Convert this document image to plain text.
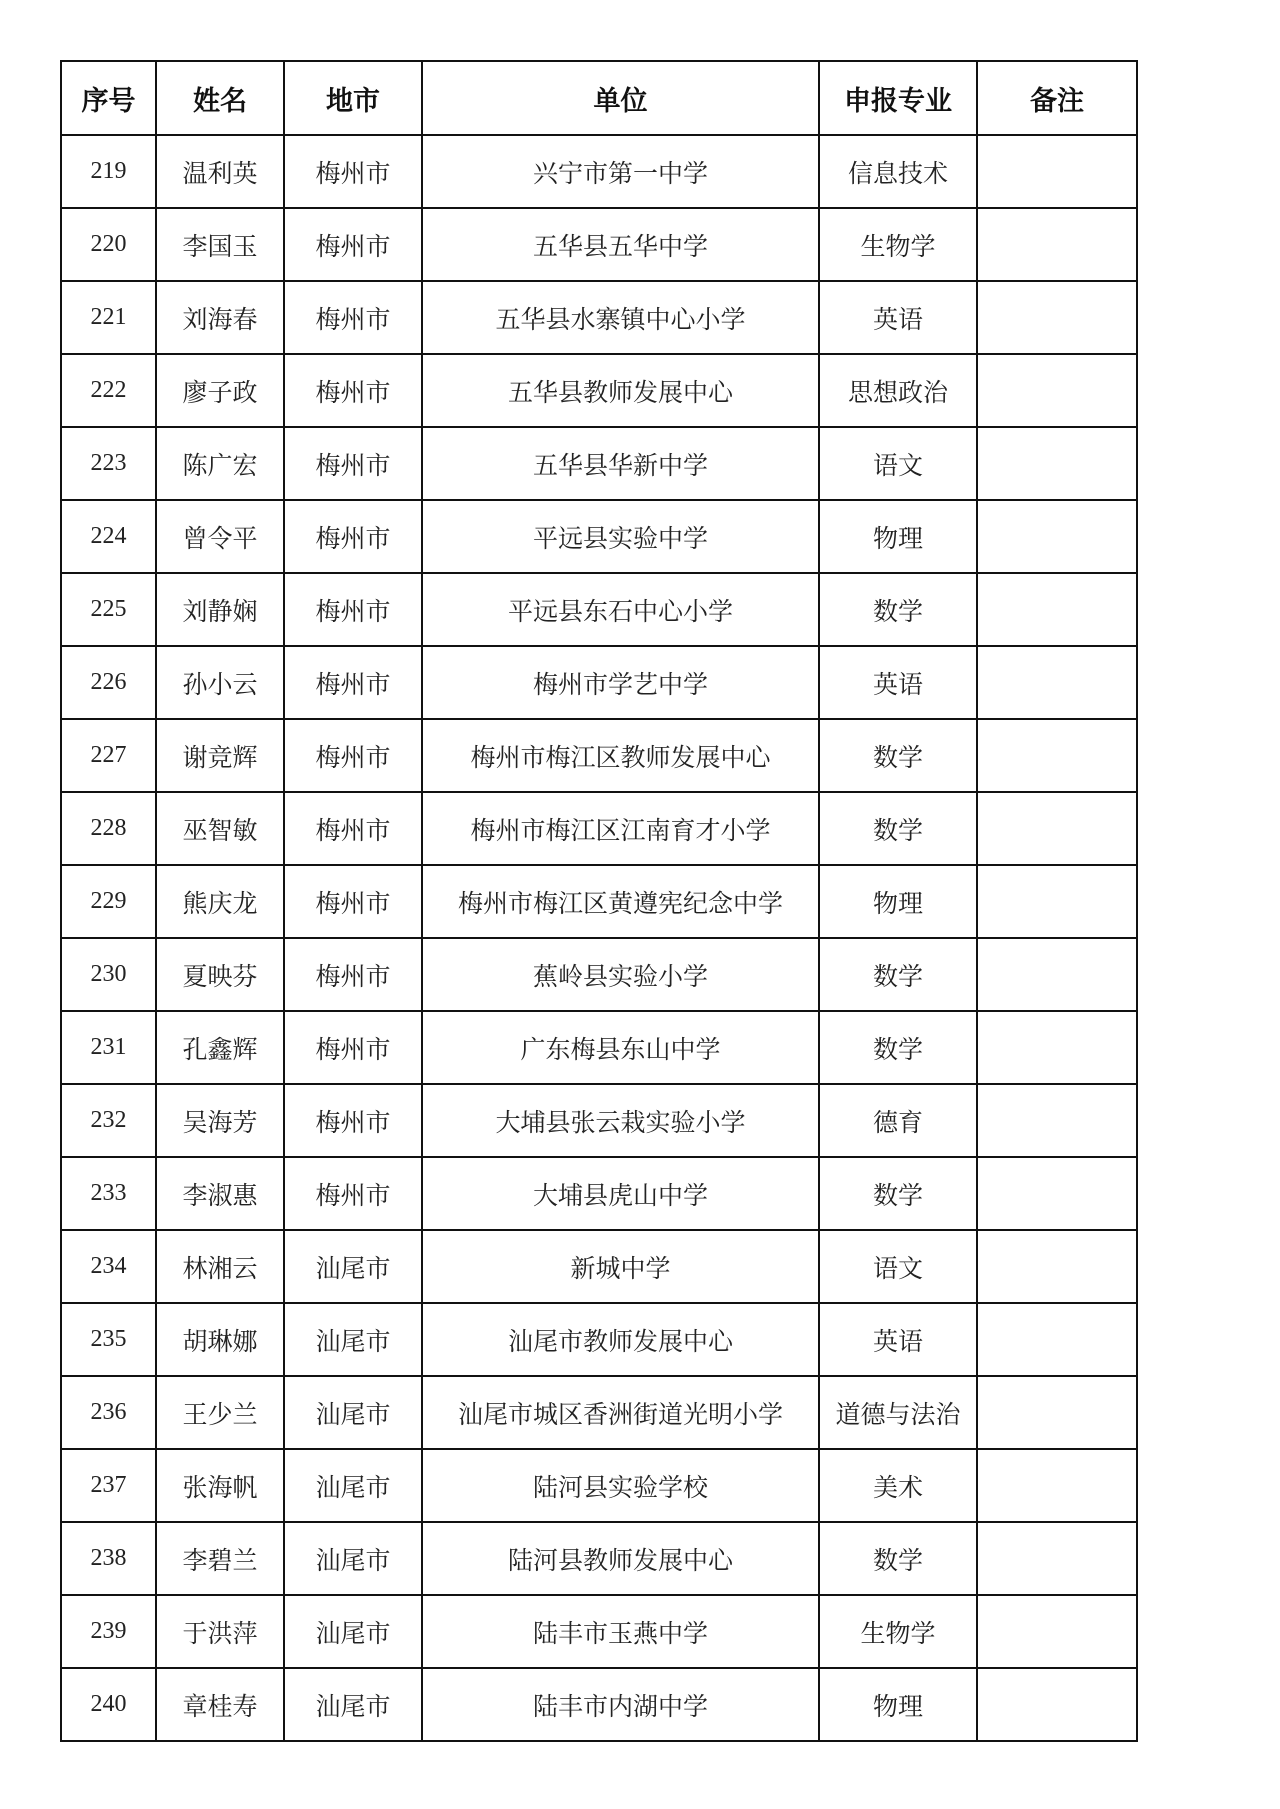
序号	姓名	地市	单位	申报专业	备注
219	温利英	梅州市	兴宁市第一中学	信息技术	
220	李国玉	梅州市	五华县五华中学	生物学	
221	刘海春	梅州市	五华县水寨镇中心小学	英语	
222	廖子政	梅州市	五华县教师发展中心	思想政治	
223	陈广宏	梅州市	五华县华新中学	语文	
224	曾令平	梅州市	平远县实验中学	物理	
225	刘静娴	梅州市	平远县东石中心小学	数学	
226	孙小云	梅州市	梅州市学艺中学	英语	
227	谢竞辉	梅州市	梅州市梅江区教师发展中心	数学	
228	巫智敏	梅州市	梅州市梅江区江南育才小学	数学	
229	熊庆龙	梅州市	梅州市梅江区黄遵宪纪念中学	物理	
230	夏映芬	梅州市	蕉岭县实验小学	数学	
231	孔鑫辉	梅州市	广东梅县东山中学	数学	
232	吴海芳	梅州市	大埔县张云栽实验小学	德育	
233	李淑惠	梅州市	大埔县虎山中学	数学	
234	林湘云	汕尾市	新城中学	语文	
235	胡琳娜	汕尾市	汕尾市教师发展中心	英语	
236	王少兰	汕尾市	汕尾市城区香洲街道光明小学	道德与法治	
237	张海帆	汕尾市	陆河县实验学校	美术	
238	李碧兰	汕尾市	陆河县教师发展中心	数学	
239	于洪萍	汕尾市	陆丰市玉燕中学	生物学	
240	章桂寿	汕尾市	陆丰市内湖中学	物理	
